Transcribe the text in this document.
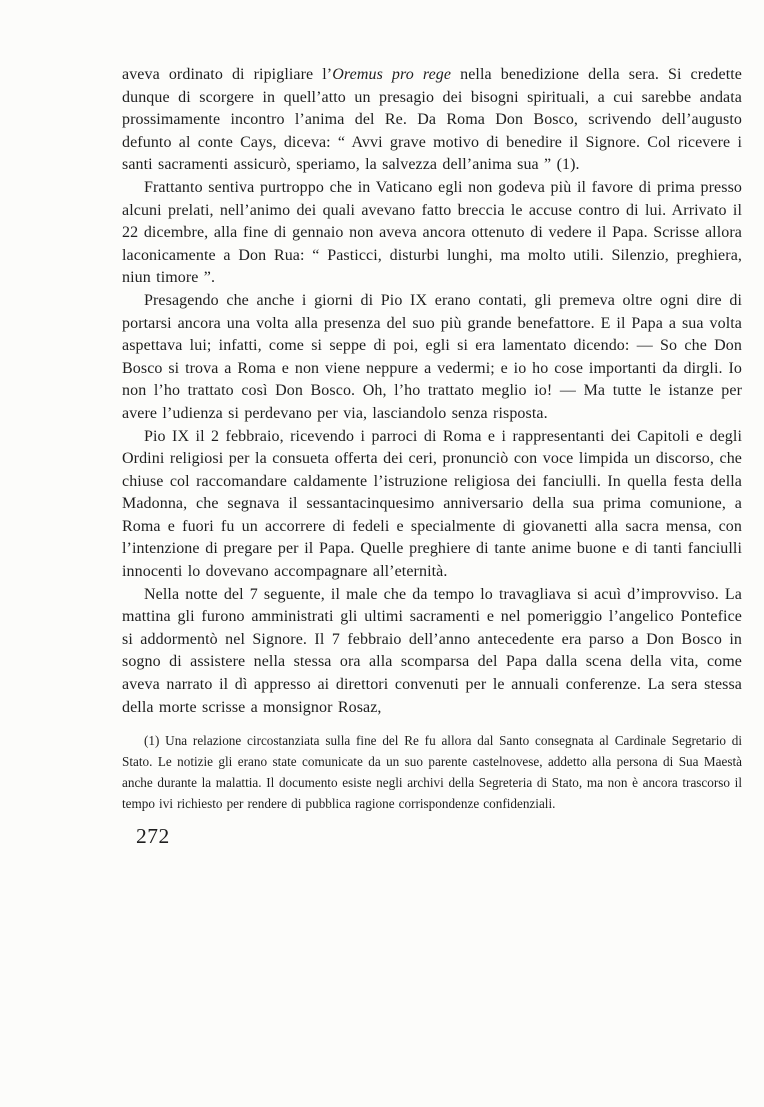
aveva ordinato di ripigliare l’Oremus pro rege nella benedizione della sera. Si credette dunque di scorgere in quell’atto un presagio dei bisogni spirituali, a cui sarebbe andata prossimamente incontro l’anima del Re. Da Roma Don Bosco, scrivendo dell’augusto defunto al conte Cays, diceva: “ Avvi grave motivo di benedire il Signore. Col ricevere i santi sacramenti assicurò, speriamo, la salvezza dell’anima sua ” (1).

Frattanto sentiva purtroppo che in Vaticano egli non godeva più il favore di prima presso alcuni prelati, nell’animo dei quali avevano fatto breccia le accuse contro di lui. Arrivato il 22 dicembre, alla fine di gennaio non aveva ancora ottenuto di vedere il Papa. Scrisse allora laconicamente a Don Rua: “ Pasticci, disturbi lunghi, ma molto utili. Silenzio, preghiera, niun timore ”.

Presagendo che anche i giorni di Pio IX erano contati, gli premeva oltre ogni dire di portarsi ancora una volta alla presenza del suo più grande benefattore. E il Papa a sua volta aspettava lui; infatti, come si seppe di poi, egli si era lamentato dicendo: — So che Don Bosco si trova a Roma e non viene neppure a vedermi; e io ho cose importanti da dirgli. Io non l’ho trattato così Don Bosco. Oh, l’ho trattato meglio io! — Ma tutte le istanze per avere l’udienza si perdevano per via, lasciandolo senza risposta.

Pio IX il 2 febbraio, ricevendo i parroci di Roma e i rappresentanti dei Capitoli e degli Ordini religiosi per la consueta offerta dei ceri, pronunciò con voce limpida un discorso, che chiuse col raccomandare caldamente l’istruzione religiosa dei fanciulli. In quella festa della Madonna, che segnava il sessantacinquesimo anniversario della sua prima comunione, a Roma e fuori fu un accorrere di fedeli e specialmente di giovanetti alla sacra mensa, con l’intenzione di pregare per il Papa. Quelle preghiere di tante anime buone e di tanti fanciulli innocenti lo dovevano accompagnare all’eternità.

Nella notte del 7 seguente, il male che da tempo lo travagliava si acuì d’improvviso. La mattina gli furono amministrati gli ultimi sacramenti e nel pomeriggio l’angelico Pontefice si addormentò nel Signore. Il 7 febbraio dell’anno antecedente era parso a Don Bosco in sogno di assistere nella stessa ora alla scomparsa del Papa dalla scena della vita, come aveva narrato il dì appresso ai direttori convenuti per le annuali conferenze. La sera stessa della morte scrisse a monsignor Rosaz,

(1) Una relazione circostanziata sulla fine del Re fu allora dal Santo consegnata al Cardinale Segretario di Stato. Le notizie gli erano state comunicate da un suo parente castelnovese, addetto alla persona di Sua Maestà anche durante la malattia. Il documento esiste negli archivi della Segreteria di Stato, ma non è ancora trascorso il tempo ivi richiesto per rendere di pubblica ragione corrispondenze confidenziali.
272
